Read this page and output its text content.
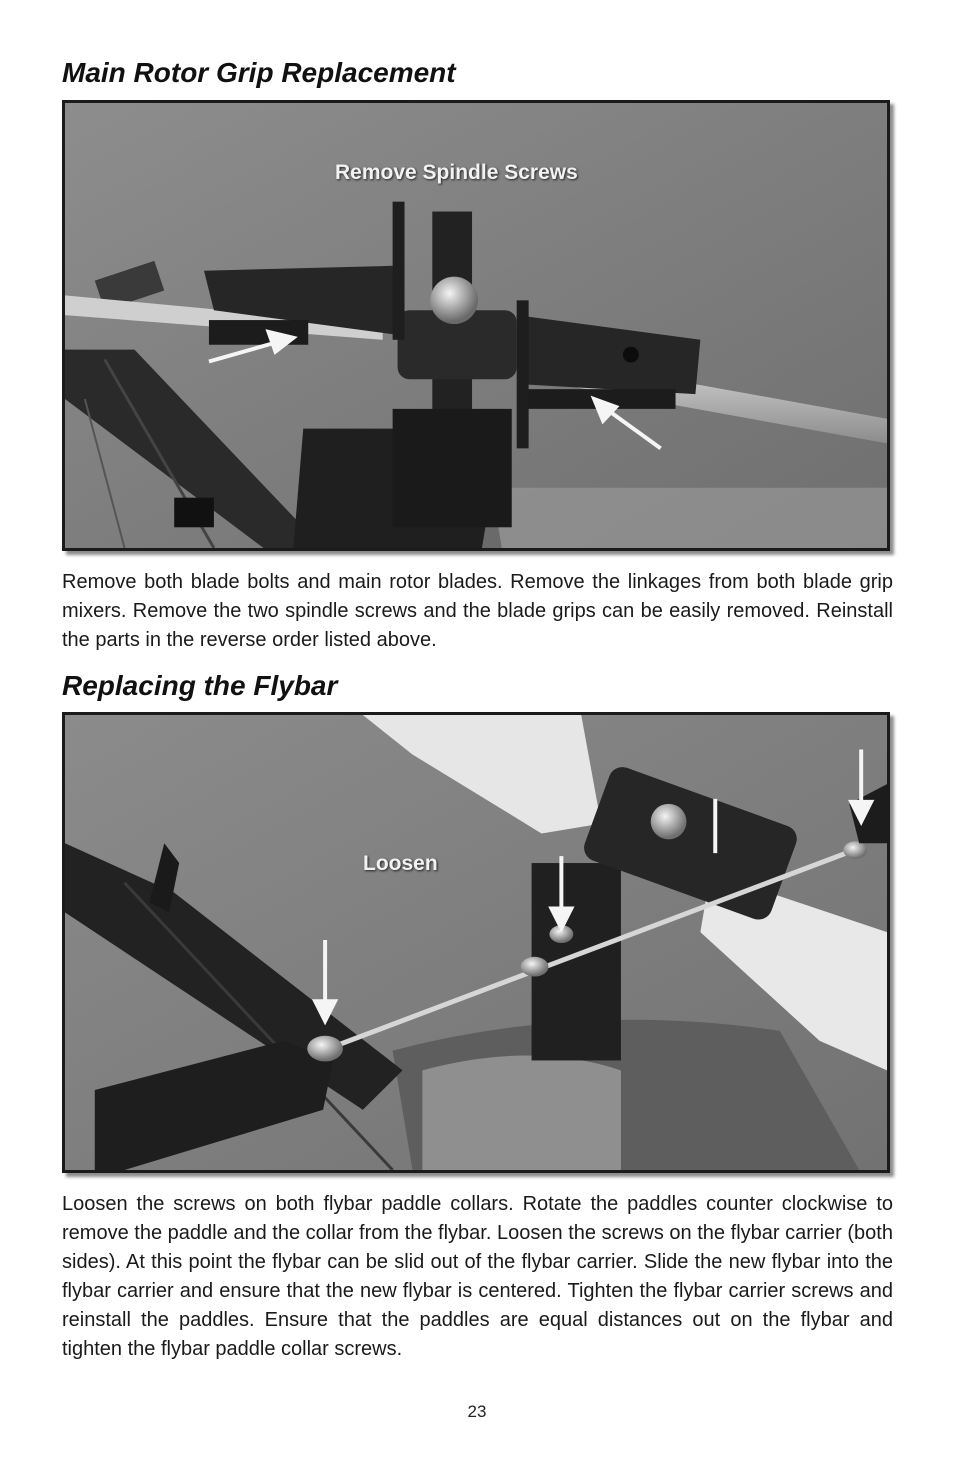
Main Rotor Grip Replacement
Remove Spindle Screws

Remove both blade bolts and main rotor blades. Remove the linkages from both blade grip mixers. Remove the two spindle screws and the blade grips can be easily removed. Reinstall the parts in the reverse order listed above.

Replacing the Flybar
Loosen

Loosen the screws on both flybar paddle collars. Rotate the paddles counter clockwise to remove the paddle and the collar from the flybar. Loosen the screws on the flybar carrier (both sides). At this point the flybar can be slid out of the flybar carrier. Slide the new flybar into the flybar carrier and ensure that the new flybar is centered. Tighten the flybar carrier screws and reinstall the paddles. Ensure that the paddles are equal distances out on the flybar and tighten the flybar paddle collar screws.

23
